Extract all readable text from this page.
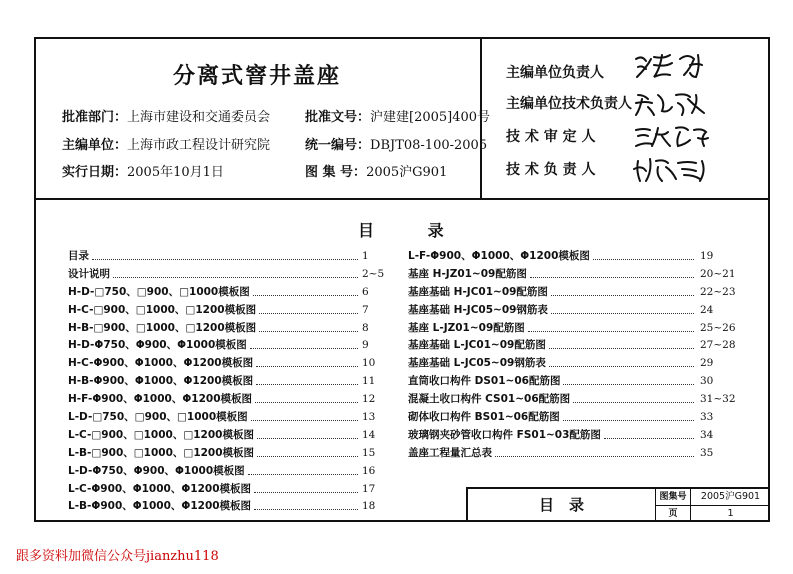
分离式窨井盖座
批准部门：上海市建设和交通委员会	批准文号：沪建建[2005]400号
主编单位：上海市政工程设计研究院	统一编号：DBJT08-100-2005
实行日期：2005年10月1日	图 集 号：2005沪G901
主编单位负责人
主编单位技术负责人
技 术 审 定 人
技 术 负 责 人
目 录
目录	1
设计说明	2~5
H-D-□750、□900、□1000模板图	6
H-C-□900、□1000、□1200模板图	7
H-B-□900、□1000、□1200模板图	8
H-D-Φ750、Φ900、Φ1000模板图	9
H-C-Φ900、Φ1000、Φ1200模板图	10
H-B-Φ900、Φ1000、Φ1200模板图	11
H-F-Φ900、Φ1000、Φ1200模板图	12
L-D-□750、□900、□1000模板图	13
L-C-□900、□1000、□1200模板图	14
L-B-□900、□1000、□1200模板图	15
L-D-Φ750、Φ900、Φ1000模板图	16
L-C-Φ900、Φ1000、Φ1200模板图	17
L-B-Φ900、Φ1000、Φ1200模板图	18
L-F-Φ900、Φ1000、Φ1200模板图	19
基座 H-JZ01~09配筋图	20~21
基座基础 H-JC01~09配筋图	22~23
基座基础 H-JC05~09钢筋表	24
基座 L-JZ01~09配筋图	25~26
基座基础 L-JC01~09配筋图	27~28
基座基础 L-JC05~09钢筋表	29
直筒收口构件 DS01~06配筋图	30
混凝土收口构件 CS01~06配筋图	31~32
砌体收口构件 BS01~06配筋图	33
玻璃钢夹砂管收口构件 FS01~03配筋图	34
盖座工程量汇总表	35
目　录	图集号	2005沪G901
页	1
跟多资料加微信公众号jianzhu118
